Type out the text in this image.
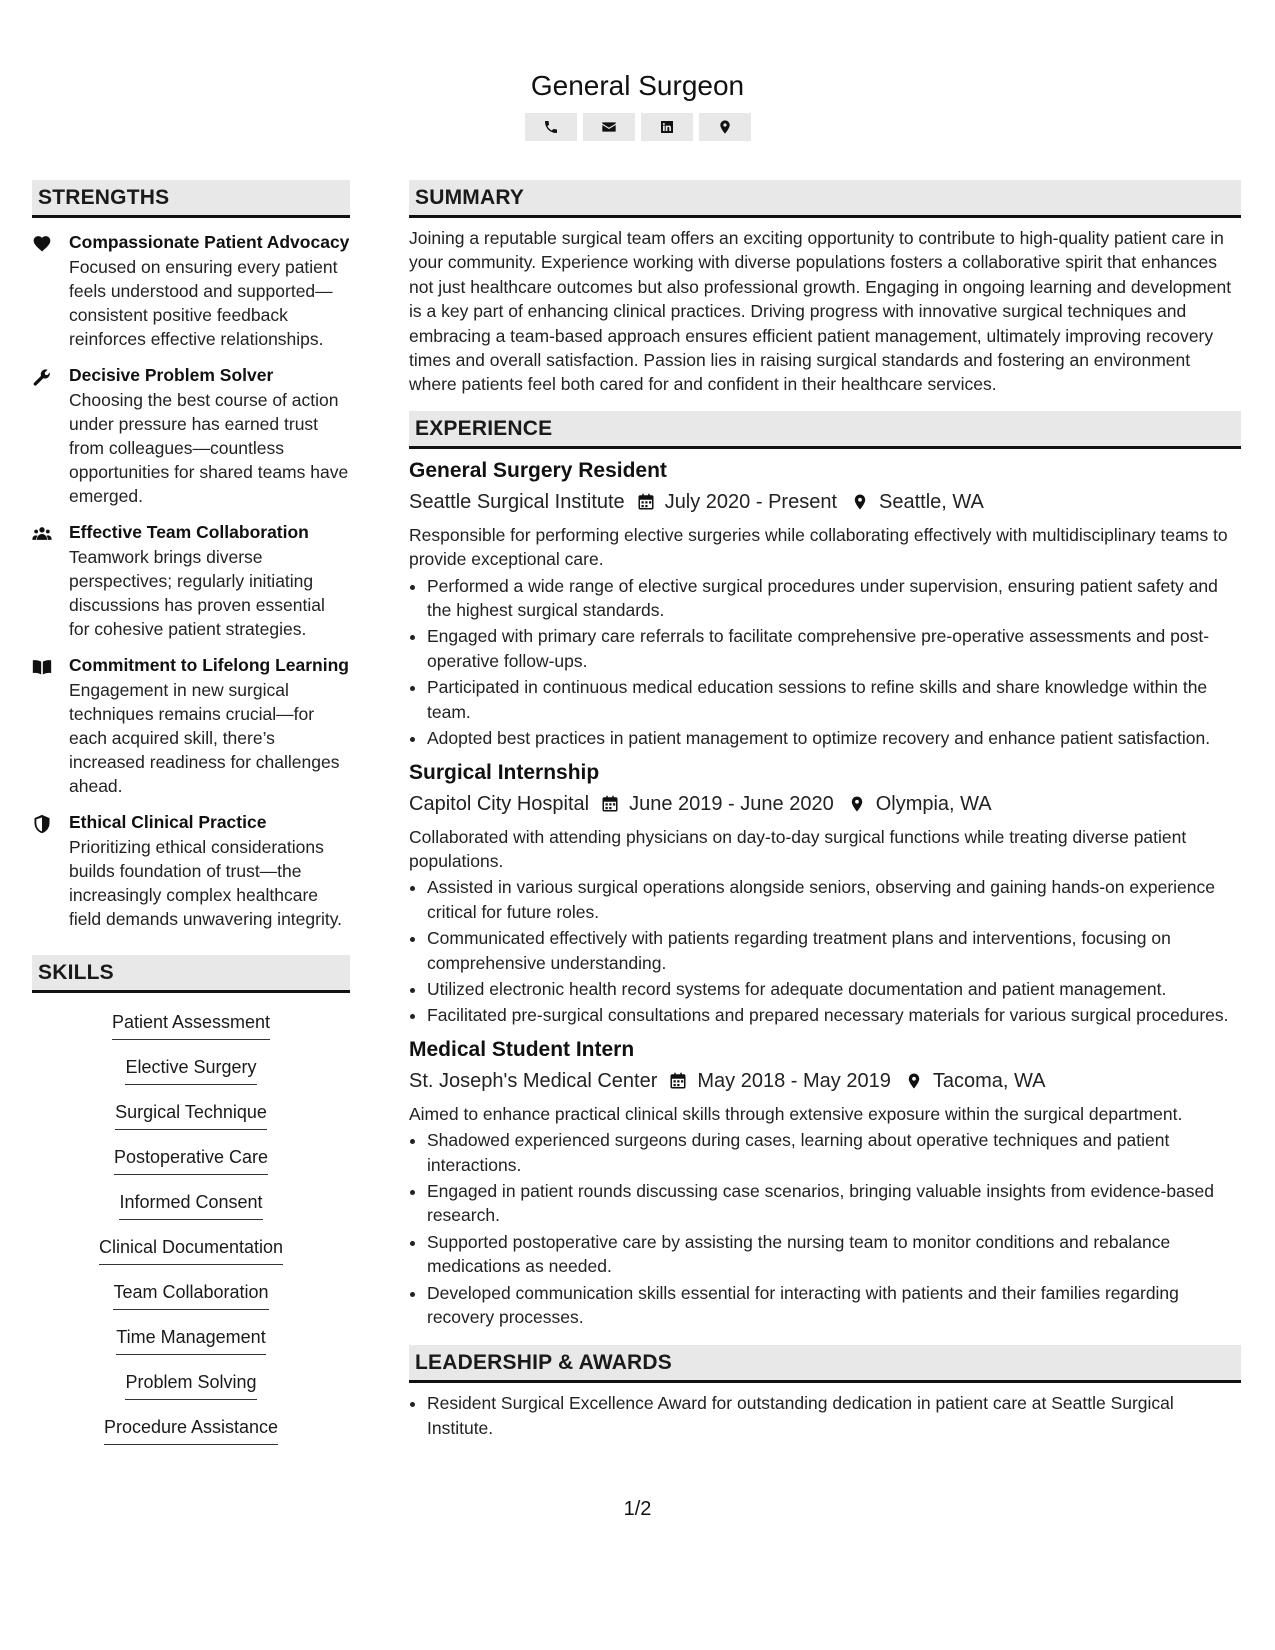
General Surgeon
STRENGTHS
Compassionate Patient Advocacy
Focused on ensuring every patient feels understood and supported—consistent positive feedback reinforces effective relationships.
Decisive Problem Solver
Choosing the best course of action under pressure has earned trust from colleagues—countless opportunities for shared teams have emerged.
Effective Team Collaboration
Teamwork brings diverse perspectives; regularly initiating discussions has proven essential for cohesive patient strategies.
Commitment to Lifelong Learning
Engagement in new surgical techniques remains crucial—for each acquired skill, there’s increased readiness for challenges ahead.
Ethical Clinical Practice
Prioritizing ethical considerations builds foundation of trust—the increasingly complex healthcare field demands unwavering integrity.
SKILLS
Patient Assessment
Elective Surgery
Surgical Technique
Postoperative Care
Informed Consent
Clinical Documentation
Team Collaboration
Time Management
Problem Solving
Procedure Assistance
SUMMARY
Joining a reputable surgical team offers an exciting opportunity to contribute to high-quality patient care in your community. Experience working with diverse populations fosters a collaborative spirit that enhances not just healthcare outcomes but also professional growth. Engaging in ongoing learning and development is a key part of enhancing clinical practices. Driving progress with innovative surgical techniques and embracing a team-based approach ensures efficient patient management, ultimately improving recovery times and overall satisfaction. Passion lies in raising surgical standards and fostering an environment where patients feel both cared for and confident in their healthcare services.
EXPERIENCE
General Surgery Resident
Seattle Surgical Institute July 2020 - Present Seattle, WA
Responsible for performing elective surgeries while collaborating effectively with multidisciplinary teams to provide exceptional care.
• Performed a wide range of elective surgical procedures under supervision, ensuring patient safety and the highest surgical standards.
• Engaged with primary care referrals to facilitate comprehensive pre-operative assessments and post-operative follow-ups.
• Participated in continuous medical education sessions to refine skills and share knowledge within the team.
• Adopted best practices in patient management to optimize recovery and enhance patient satisfaction.
Surgical Internship
Capitol City Hospital June 2019 - June 2020 Olympia, WA
Collaborated with attending physicians on day-to-day surgical functions while treating diverse patient populations.
• Assisted in various surgical operations alongside seniors, observing and gaining hands-on experience critical for future roles.
• Communicated effectively with patients regarding treatment plans and interventions, focusing on comprehensive understanding.
• Utilized electronic health record systems for adequate documentation and patient management.
• Facilitated pre-surgical consultations and prepared necessary materials for various surgical procedures.
Medical Student Intern
St. Joseph's Medical Center May 2018 - May 2019 Tacoma, WA
Aimed to enhance practical clinical skills through extensive exposure within the surgical department.
• Shadowed experienced surgeons during cases, learning about operative techniques and patient interactions.
• Engaged in patient rounds discussing case scenarios, bringing valuable insights from evidence-based research.
• Supported postoperative care by assisting the nursing team to monitor conditions and rebalance medications as needed.
• Developed communication skills essential for interacting with patients and their families regarding recovery processes.
LEADERSHIP & AWARDS
• Resident Surgical Excellence Award for outstanding dedication in patient care at Seattle Surgical Institute.
1/2
